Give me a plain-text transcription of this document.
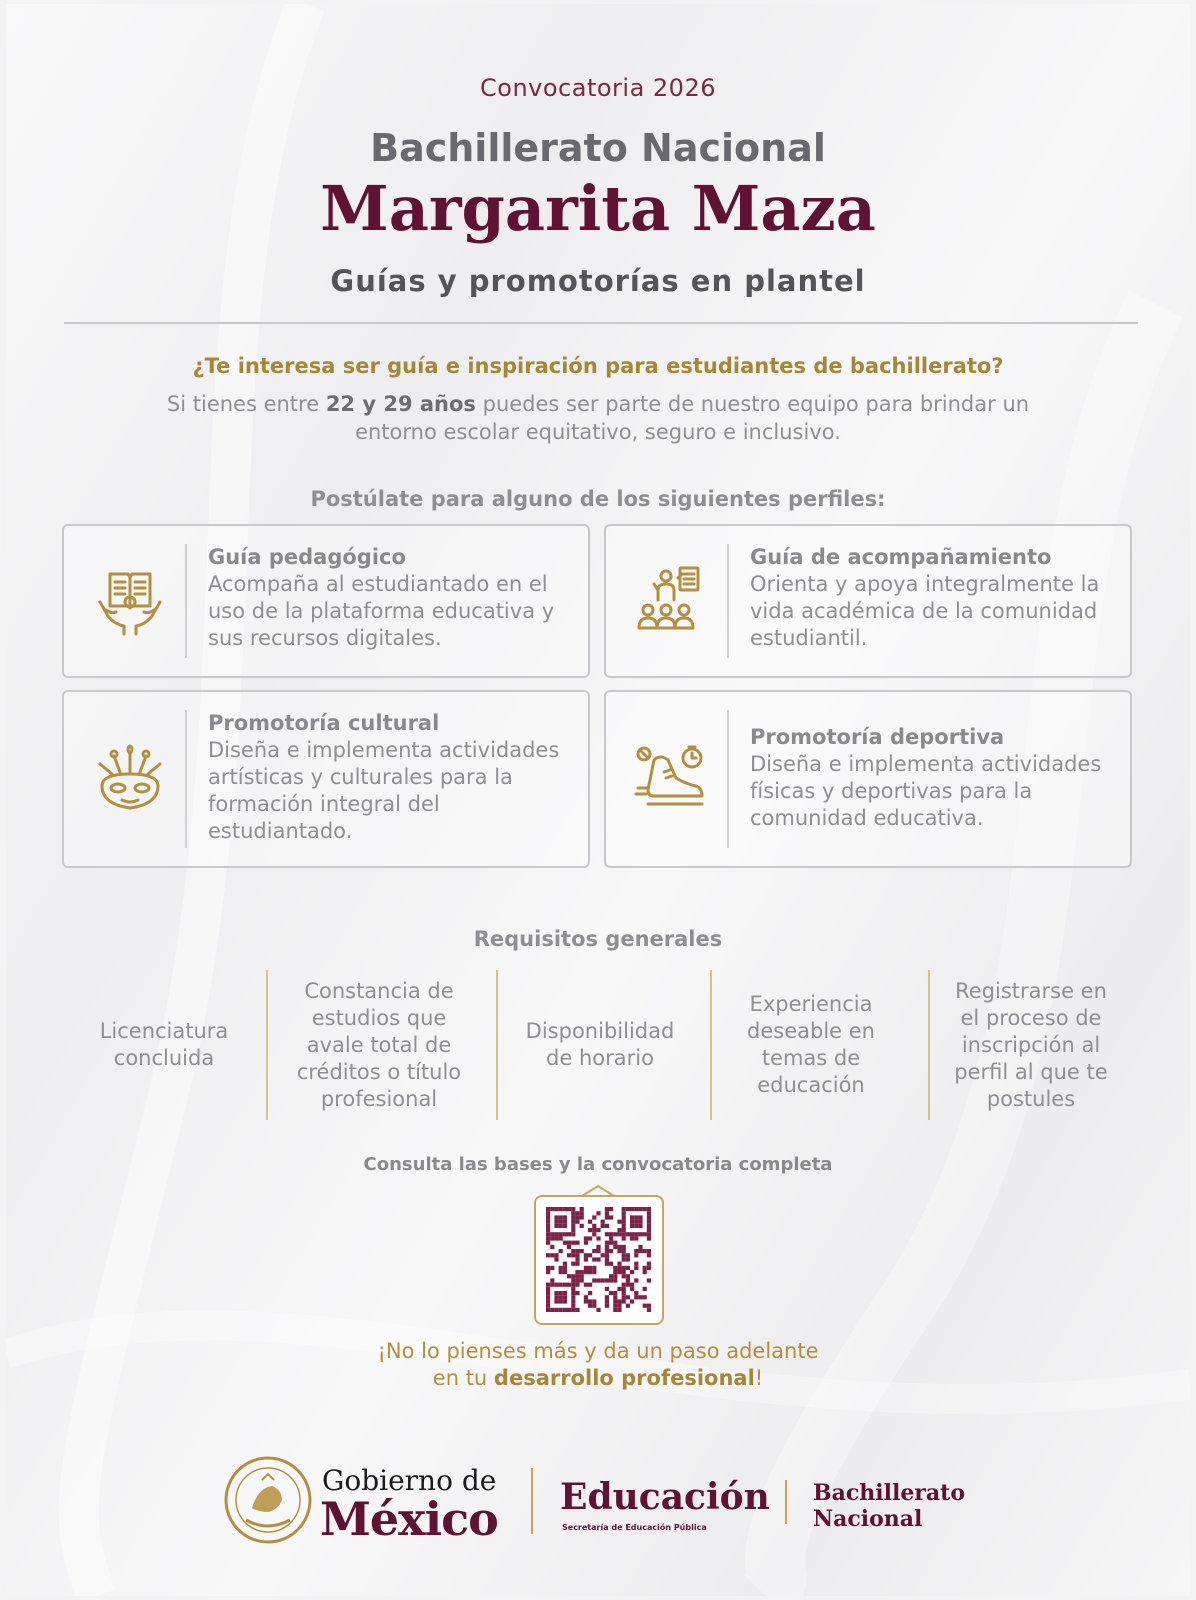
Convocatoria 2026
Bachillerato Nacional
Margarita Maza
Guías y promotorías en plantel
¿Te interesa ser guía e inspiración para estudiantes de bachillerato?
Si tienes entre 22 y 29 años puedes ser parte de nuestro equipo para brindar un entorno escolar equitativo, seguro e inclusivo.
Postúlate para alguno de los siguientes perfiles:
Guía pedagógico
Acompaña al estudiantado en el uso de la plataforma educativa y sus recursos digitales.
Guía de acompañamiento
Orienta y apoya integralmente la vida académica de la comunidad estudiantil.
Promotoría cultural
Diseña e implementa actividades artísticas y culturales para la formación integral del estudiantado.
Promotoría deportiva
Diseña e implementa actividades físicas y deportivas para la comunidad educativa.
Requisitos generales
Licenciatura concluida
Constancia de estudios que avale total de créditos o título profesional
Disponibilidad de horario
Experiencia deseable en temas de educación
Registrarse en el proceso de inscripción al perfil al que te postules
Consulta las bases y la convocatoria completa
¡No lo pienses más y da un paso adelante
en tu desarrollo profesional!
Gobierno de
México Educación
Secretaría de Educación Pública
Bachillerato
Nacional
